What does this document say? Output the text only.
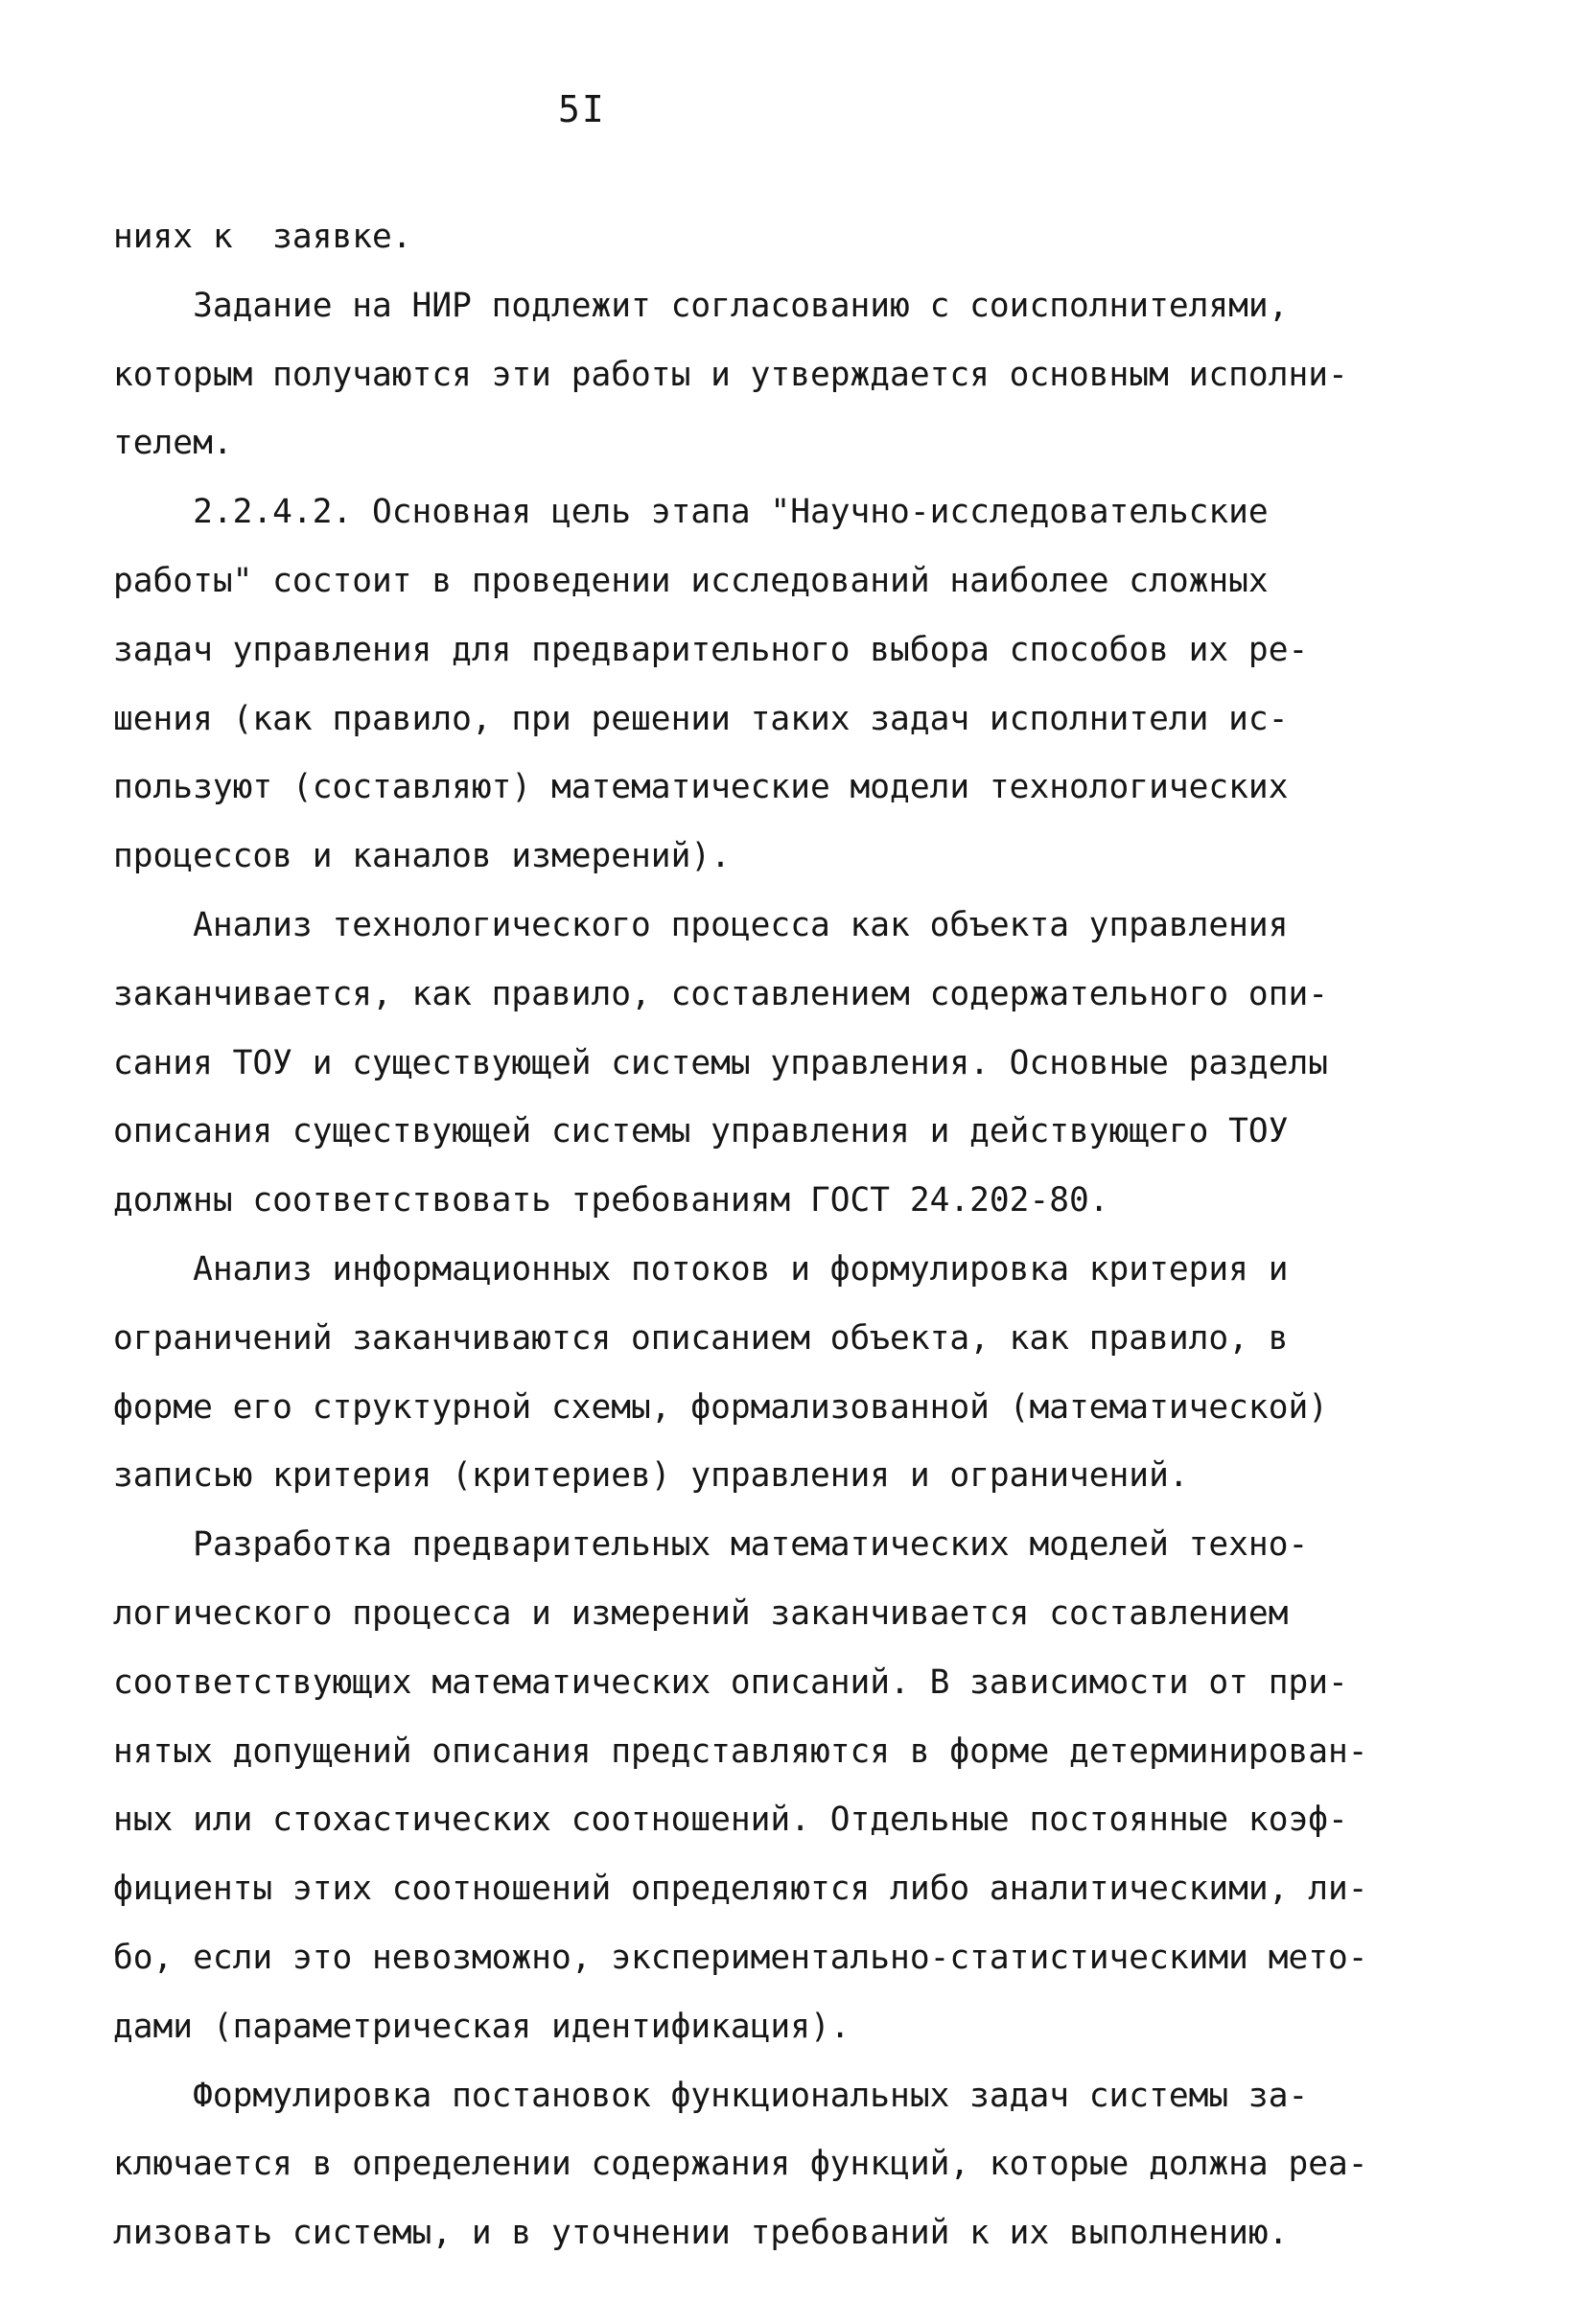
5I
ниях к  заявке.
Задание на НИР подлежит согласованию с соисполнителями,
которым получаются эти работы и утверждается основным исполни-
телем.
2.2.4.2. Основная цель этапа "Научно-исследовательские
работы" состоит в проведении исследований наиболее сложных
задач управления для предварительного выбора способов их ре-
шения (как правило, при решении таких задач исполнители ис-
пользуют (составляют) математические модели технологических
процессов и каналов измерений).
Анализ технологического процесса как объекта управления
заканчивается, как правило, составлением содержательного опи-
сания ТОУ и существующей системы управления. Основные разделы
описания существующей системы управления и действующего ТОУ
должны соответствовать требованиям ГОСТ 24.202-80.
Анализ информационных потоков и формулировка критерия и
ограничений заканчиваются описанием объекта, как правило, в
форме его структурной схемы, формализованной (математической)
записью критерия (критериев) управления и ограничений.
Разработка предварительных математических моделей техно-
логического процесса и измерений заканчивается составлением
соответствующих математических описаний. В зависимости от при-
нятых допущений описания представляются в форме детерминирован-
ных или стохастических соотношений. Отдельные постоянные коэф-
фициенты этих соотношений определяются либо аналитическими, ли-
бо, если это невозможно, экспериментально-статистическими мето-
дами (параметрическая идентификация).
Формулировка постановок функциональных задач системы за-
ключается в определении содержания функций, которые должна реа-
лизовать системы, и в уточнении требований к их выполнению.
